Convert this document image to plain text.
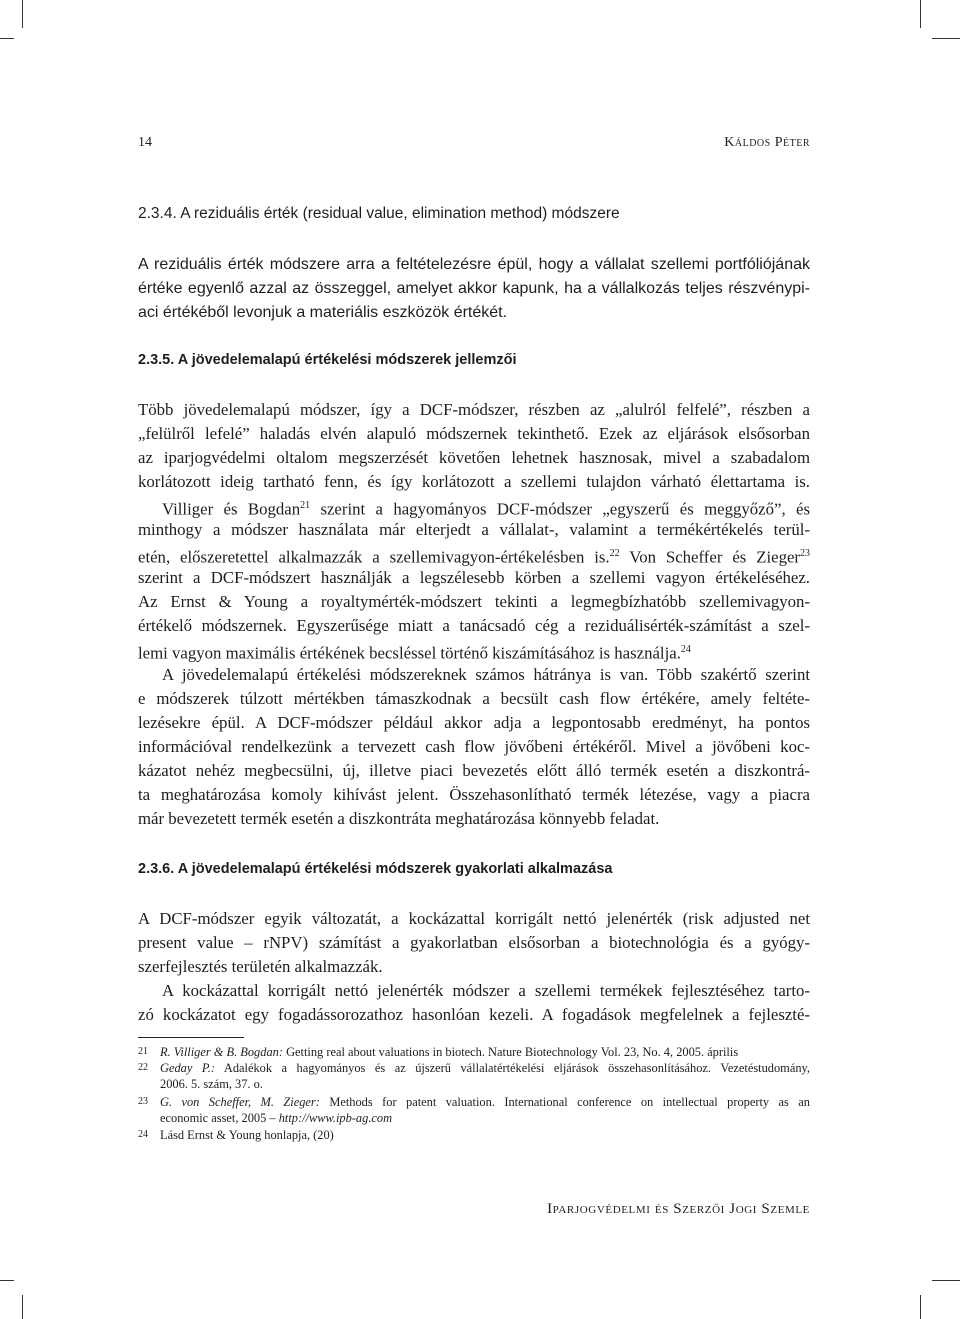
14	Káldos Péter
2.3.4. A reziduális érték (residual value, elimination method) módszere
A reziduális érték módszere arra a feltételezésre épül, hogy a vállalat szellemi portfóliójának
értéke egyenlő azzal az összeggel, amelyet akkor kapunk, ha a vállalkozás teljes részvénypi-
aci értékéből levonjuk a materiális eszközök értékét.
2.3.5. A jövedelemalapú értékelési módszerek jellemzői
Több jövedelemalapú módszer, így a DCF-módszer, részben az „alulról felfelé”, részben a
„felülről lefelé” haladás elvén alapuló módszernek tekinthető. Ezek az eljárások elsősorban
az iparjogvédelmi oltalom megszerzését követően lehetnek hasznosak, mivel a szabadalom
korlátozott ideig tartható fenn, és így korlátozott a szellemi tulajdon várható élettartama is.
Villiger és Bogdan$^{21}$ szerint a hagyományos DCF-módszer „egyszerű és meggyőző”, és
minthogy a módszer használata már elterjedt a vállalat-, valamint a termékértékelés terül-
etén, előszeretettel alkalmazzák a szellemivagyon-értékelésben is.$^{22}$ Von Scheffer és Zieger$^{23}$
szerint a DCF-módszert használják a legszélesebb körben a szellemi vagyon értékeléséhez.
Az Ernst & Young a royaltymérték-módszert tekinti a legmegbízhatóbb szellemivagyon-
értékelő módszernek. Egyszerűsége miatt a tanácsadó cég a reziduálisérték-számítást a szel-
lemi vagyon maximális értékének becsléssel történő kiszámításához is használja.$^{24}$
A jövedelemalapú értékelési módszereknek számos hátránya is van. Több szakértő szerint
e módszerek túlzott mértékben támaszkodnak a becsült cash flow értékére, amely feltéte-
lezésekre épül. A DCF-módszer például akkor adja a legpontosabb eredményt, ha pontos
információval rendelkezünk a tervezett cash flow jövőbeni értékéről. Mivel a jövőbeni koc-
kázatot nehéz megbecsülni, új, illetve piaci bevezetés előtt álló termék esetén a diszkontrá-
ta meghatározása komoly kihívást jelent. Összehasonlítható termék létezése, vagy a piacra
már bevezetett termék esetén a diszkontráta meghatározása könnyebb feladat.
2.3.6. A jövedelemalapú értékelési módszerek gyakorlati alkalmazása
A DCF-módszer egyik változatát, a kockázattal korrigált nettó jelenérték (risk adjusted net
present value – rNPV) számítást a gyakorlatban elsősorban a biotechnológia és a gyógy-
szerfejlesztés területén alkalmazzák.
A kockázattal korrigált nettó jelenérték módszer a szellemi termékek fejlesztéséhez tarto-
zó kockázatot egy fogadássorozathoz hasonlóan kezeli. A fogadások megfelelnek a fejleszté-
21 R. Villiger & B. Bogdan: Getting real about valuations in biotech. Nature Biotechnology Vol. 23, No. 4, 2005. április
22 Geday P.: Adalékok a hagyományos és az újszerű vállalatértékelési eljárások összehasonlításához. Vezetéstudomány,
2006. 5. szám, 37. o.
23 G. von Scheffer, M. Zieger: Methods for patent valuation. International conference on intellectual property as an
economic asset, 2005 – http://www.ipb-ag.com
24 Lásd Ernst & Young honlapja, (20)
Iparjogvédelmi és Szerzői Jogi Szemle
